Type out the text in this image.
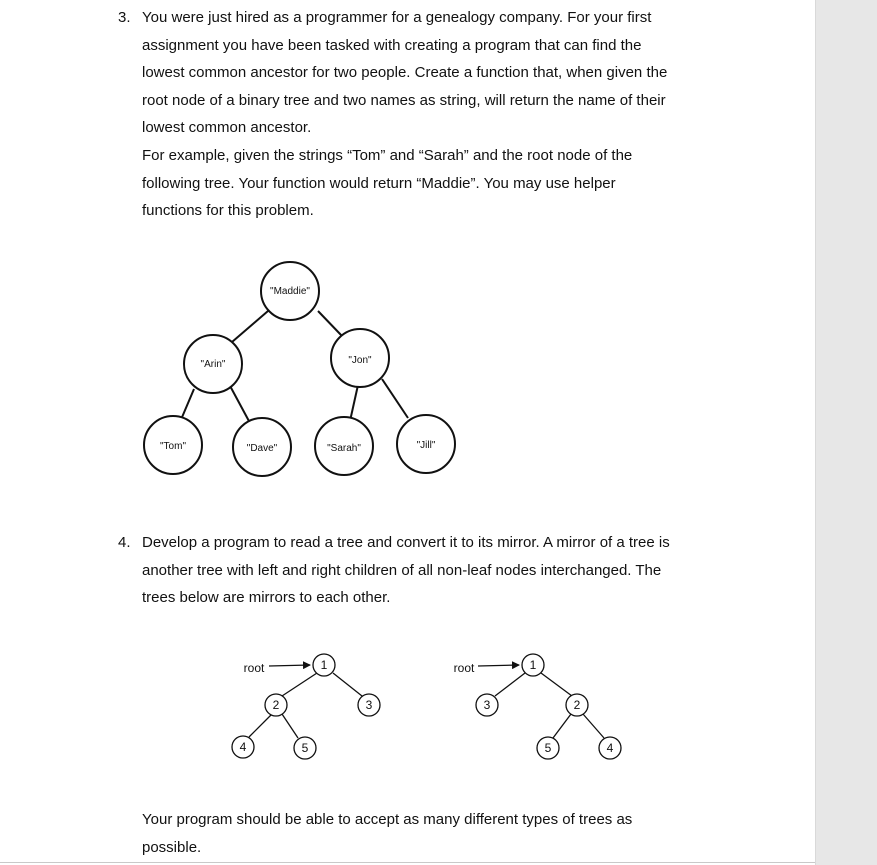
3. You were just hired as a programmer for a genealogy company. For your first
assignment you have been tasked with creating a program that can find the
lowest common ancestor for two people. Create a function that, when given the
root node of a binary tree and two names as string, will return the name of their
lowest common ancestor.
For example, given the strings “Tom” and “Sarah” and the root node of the
following tree. Your function would return “Maddie”. You may use helper
functions for this problem.
"Maddie"
"Arin"	"Jon"
"Tom"	"Dave"	"Sarah"	"Jill"
4. Develop a program to read a tree and convert it to its mirror. A mirror of a tree is
another tree with left and right children of all non-leaf nodes interchanged. The
trees below are mirrors to each other.
root	1
2	3
4	5
root	1
3	2
5	4
Your program should be able to accept as many different types of trees as
possible.
